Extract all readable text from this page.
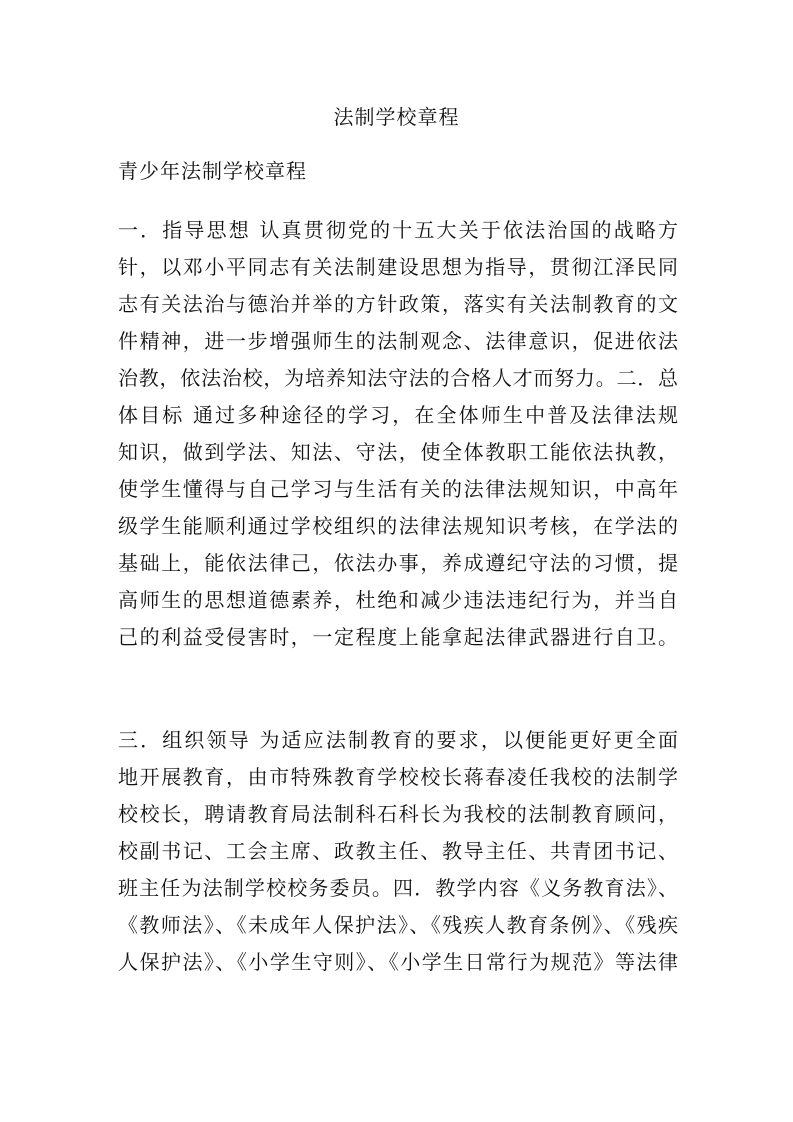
法制学校章程
青少年法制学校章程
一．指导思想 认真贯彻党的十五大关于依法治国的战略方
针，以邓小平同志有关法制建设思想为指导，贯彻江泽民同
志有关法治与德治并举的方针政策，落实有关法制教育的文
件精神，进一步增强师生的法制观念、法律意识，促进依法
治教，依法治校，为培养知法守法的合格人才而努力。二．总
体目标 通过多种途径的学习，在全体师生中普及法律法规
知识，做到学法、知法、守法，使全体教职工能依法执教，
使学生懂得与自己学习与生活有关的法律法规知识，中高年
级学生能顺利通过学校组织的法律法规知识考核，在学法的
基础上，能依法律己，依法办事，养成遵纪守法的习惯，提
高师生的思想道德素养，杜绝和减少违法违纪行为，并当自
己的利益受侵害时，一定程度上能拿起法律武器进行自卫。
三．组织领导 为适应法制教育的要求，以便能更好更全面
地开展教育，由市特殊教育学校校长蒋春凌任我校的法制学
校校长，聘请教育局法制科石科长为我校的法制教育顾问，
校副书记、工会主席、政教主任、教导主任、共青团书记、
班主任为法制学校校务委员。四．教学内容《义务教育法》、
《教师法》、《未成年人保护法》、《残疾人教育条例》、《残疾
人保护法》、《小学生守则》、《小学生日常行为规范》等法律
